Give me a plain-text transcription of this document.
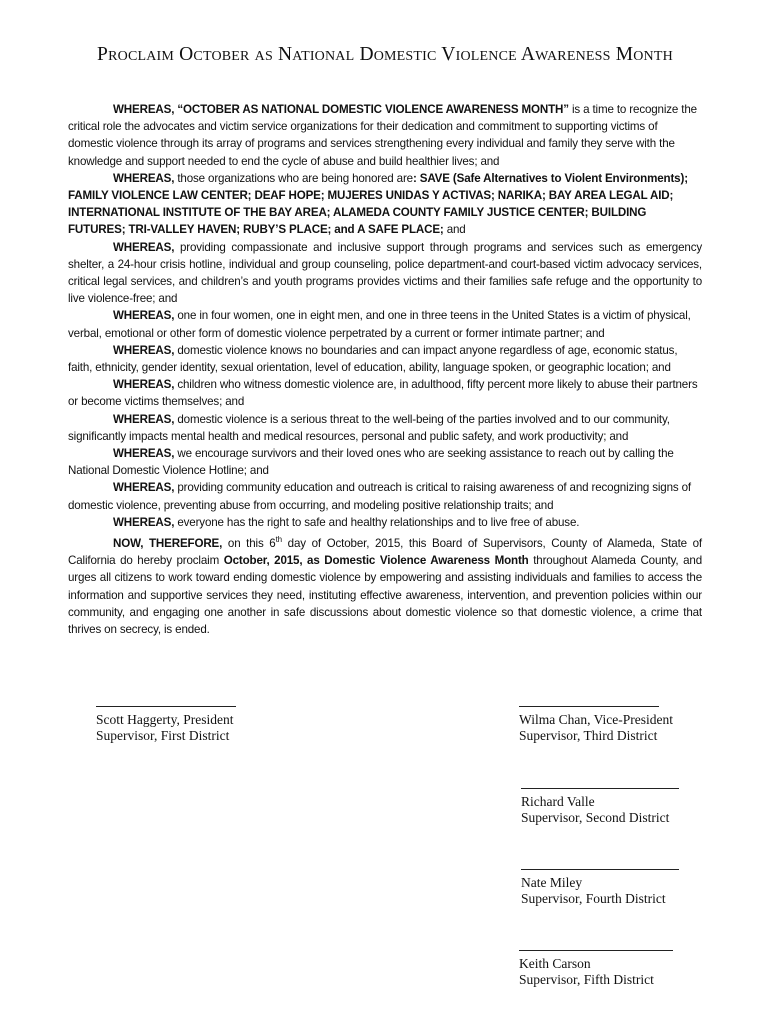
Proclaim October as National Domestic Violence Awareness Month

WHEREAS, “OCTOBER AS NATIONAL DOMESTIC VIOLENCE AWARENESS MONTH” is a time to recognize the critical role the advocates and victim service organizations for their dedication and commitment to supporting victims of domestic violence through its array of programs and services strengthening every individual and family they serve with the knowledge and support needed to end the cycle of abuse and build healthier lives; and

WHEREAS, those organizations who are being honored are: SAVE (Safe Alternatives to Violent Environments); FAMILY VIOLENCE LAW CENTER; DEAF HOPE; MUJERES UNIDAS Y ACTIVAS; NARIKA; BAY AREA LEGAL AID; INTERNATIONAL INSTITUTE OF THE BAY AREA; ALAMEDA COUNTY FAMILY JUSTICE CENTER; BUILDING FUTURES; TRI-VALLEY HAVEN; RUBY’S PLACE; and A SAFE PLACE; and

WHEREAS, providing compassionate and inclusive support through programs and services such as emergency shelter, a 24-hour crisis hotline, individual and group counseling, police department-and court-based victim advocacy services, critical legal services, and children’s and youth programs provides victims and their families safe refuge and the opportunity to live violence-free; and

WHEREAS, one in four women, one in eight men, and one in three teens in the United States is a victim of physical, verbal, emotional or other form of domestic violence perpetrated by a current or former intimate partner; and

WHEREAS, domestic violence knows no boundaries and can impact anyone regardless of age, economic status, faith, ethnicity, gender identity, sexual orientation, level of education, ability, language spoken, or geographic location; and

WHEREAS, children who witness domestic violence are, in adulthood, fifty percent more likely to abuse their partners or become victims themselves; and

WHEREAS, domestic violence is a serious threat to the well-being of the parties involved and to our community, significantly impacts mental health and medical resources, personal and public safety, and work productivity; and

WHEREAS, we encourage survivors and their loved ones who are seeking assistance to reach out by calling the National Domestic Violence Hotline; and

WHEREAS, providing community education and outreach is critical to raising awareness of and recognizing signs of domestic violence, preventing abuse from occurring, and modeling positive relationship traits; and

WHEREAS, everyone has the right to safe and healthy relationships and to live free of abuse.

NOW, THEREFORE, on this 6th day of October, 2015, this Board of Supervisors, County of Alameda, State of California do hereby proclaim October, 2015, as Domestic Violence Awareness Month throughout Alameda County, and urges all citizens to work toward ending domestic violence by empowering and assisting individuals and families to access the information and supportive services they need, instituting effective awareness, intervention, and prevention policies within our community, and engaging one another in safe discussions about domestic violence so that domestic violence, a crime that thrives on secrecy, is ended.

Scott Haggerty, President
Supervisor, First District
Wilma Chan, Vice-President
Supervisor, Third District
Richard Valle
Supervisor, Second District
Nate Miley
Supervisor, Fourth District
Keith Carson
Supervisor, Fifth District
